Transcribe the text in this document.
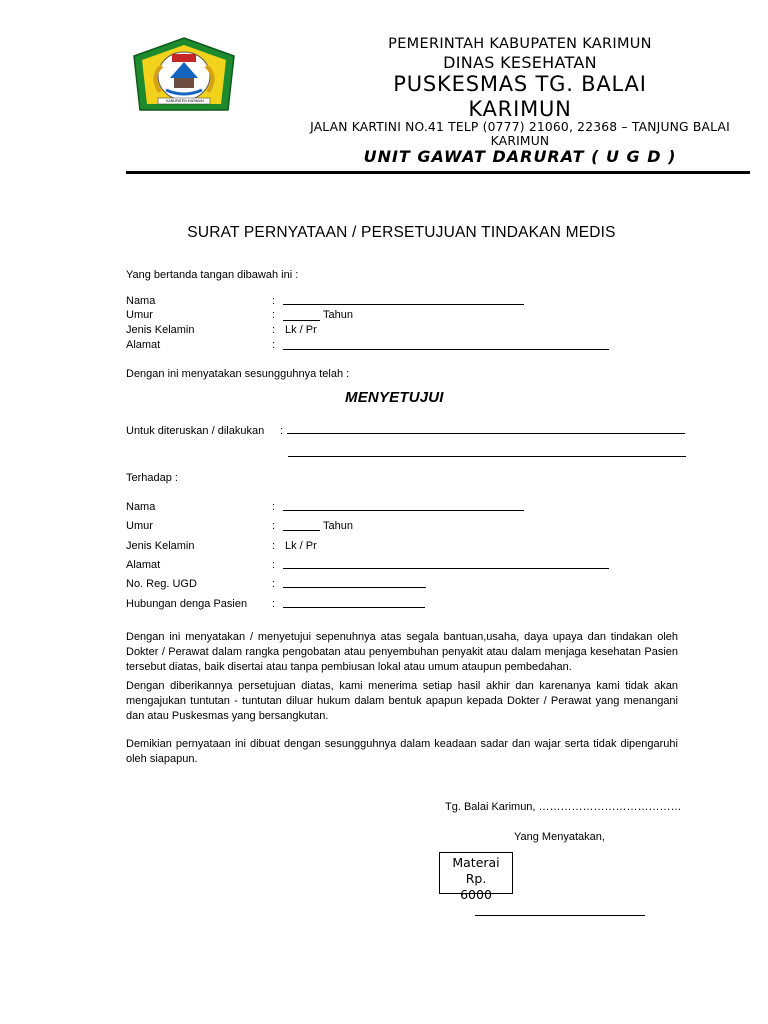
KABUPATEN KARIMUN
PEMERINTAH KABUPATEN KARIMUN
DINAS KESEHATAN
PUSKESMAS TG. BALAI KARIMUN
JALAN KARTINI NO.41 TELP (0777) 21060, 22368 – TANJUNG BALAI KARIMUN
UNIT GAWAT DARURAT ( U G D )
SURAT PERNYATAAN / PERSETUJUAN TINDAKAN MEDIS
Yang bertanda tangan dibawah ini :
Nama	:
Umur	:	Tahun
Jenis Kelamin	: Lk / Pr
Alamat	:
Dengan ini menyatakan sesungguhnya telah :
MENYETUJUI
Untuk diteruskan / dilakukan :
Terhadap :
Nama	:
Umur	:	Tahun
Jenis Kelamin	: Lk / Pr
Alamat	:
No. Reg. UGD	:
Hubungan denga Pasien :
Dengan ini menyatakan / menyetujui sepenuhnya atas segala bantuan,usaha, daya upaya dan tindakan oleh Dokter / Perawat dalam rangka pengobatan atau penyembuhan penyakit atau dalam menjaga kesehatan Pasien tersebut diatas, baik disertai atau tanpa pembiusan lokal atau umum ataupun pembedahan.
Dengan diberikannya persetujuan diatas, kami menerima setiap hasil akhir dan karenanya kami tidak akan mengajukan tuntutan - tuntutan diluar hukum dalam bentuk apapun kepada Dokter / Perawat yang menangani dan atau Puskesmas yang bersangkutan.
Demikian pernyataan ini dibuat dengan sesungguhnya dalam keadaan sadar dan wajar serta tidak dipengaruhi oleh siapapun.
Tg. Balai Karimun, …………………………………
Yang Menyatakan,
Materai
Rp.
6000
